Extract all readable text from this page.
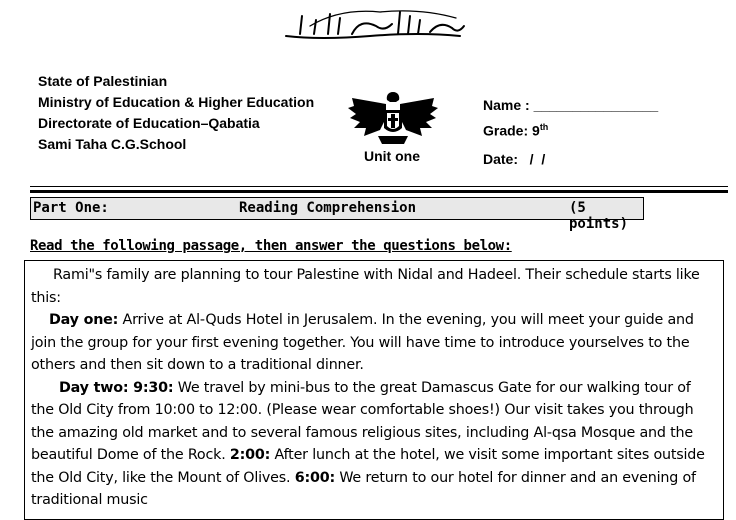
State of Palestinian
Ministry of Education & Higher Education
Directorate of Education–Qabatia
Sami Taha C.G.School
Unit one
Name : ________________
Grade: 9th
Date:   /  /
Part One:	Reading Comprehension	(5 points)
Read the following passage, then answer the questions below:

Rami"s family are planning to tour Palestine with Nidal and Hadeel. Their schedule starts like this:

Day one: Arrive at Al-Quds Hotel in Jerusalem. In the evening, you will meet your guide and join the group for your first evening together. You will have time to introduce yourselves to the others and then sit down to a traditional dinner.

Day two: 9:30: We travel by mini-bus to the great Damascus Gate for our walking tour of the Old City from 10:00 to 12:00. (Please wear comfortable shoes!) Our visit takes you through the amazing old market and to several famous religious sites, including Al-qsa Mosque and the beautiful Dome of the Rock. 2:00: After lunch at the hotel, we visit some important sites outside the Old City, like the Mount of Olives. 6:00: We return to our hotel for dinner and an evening of traditional music
